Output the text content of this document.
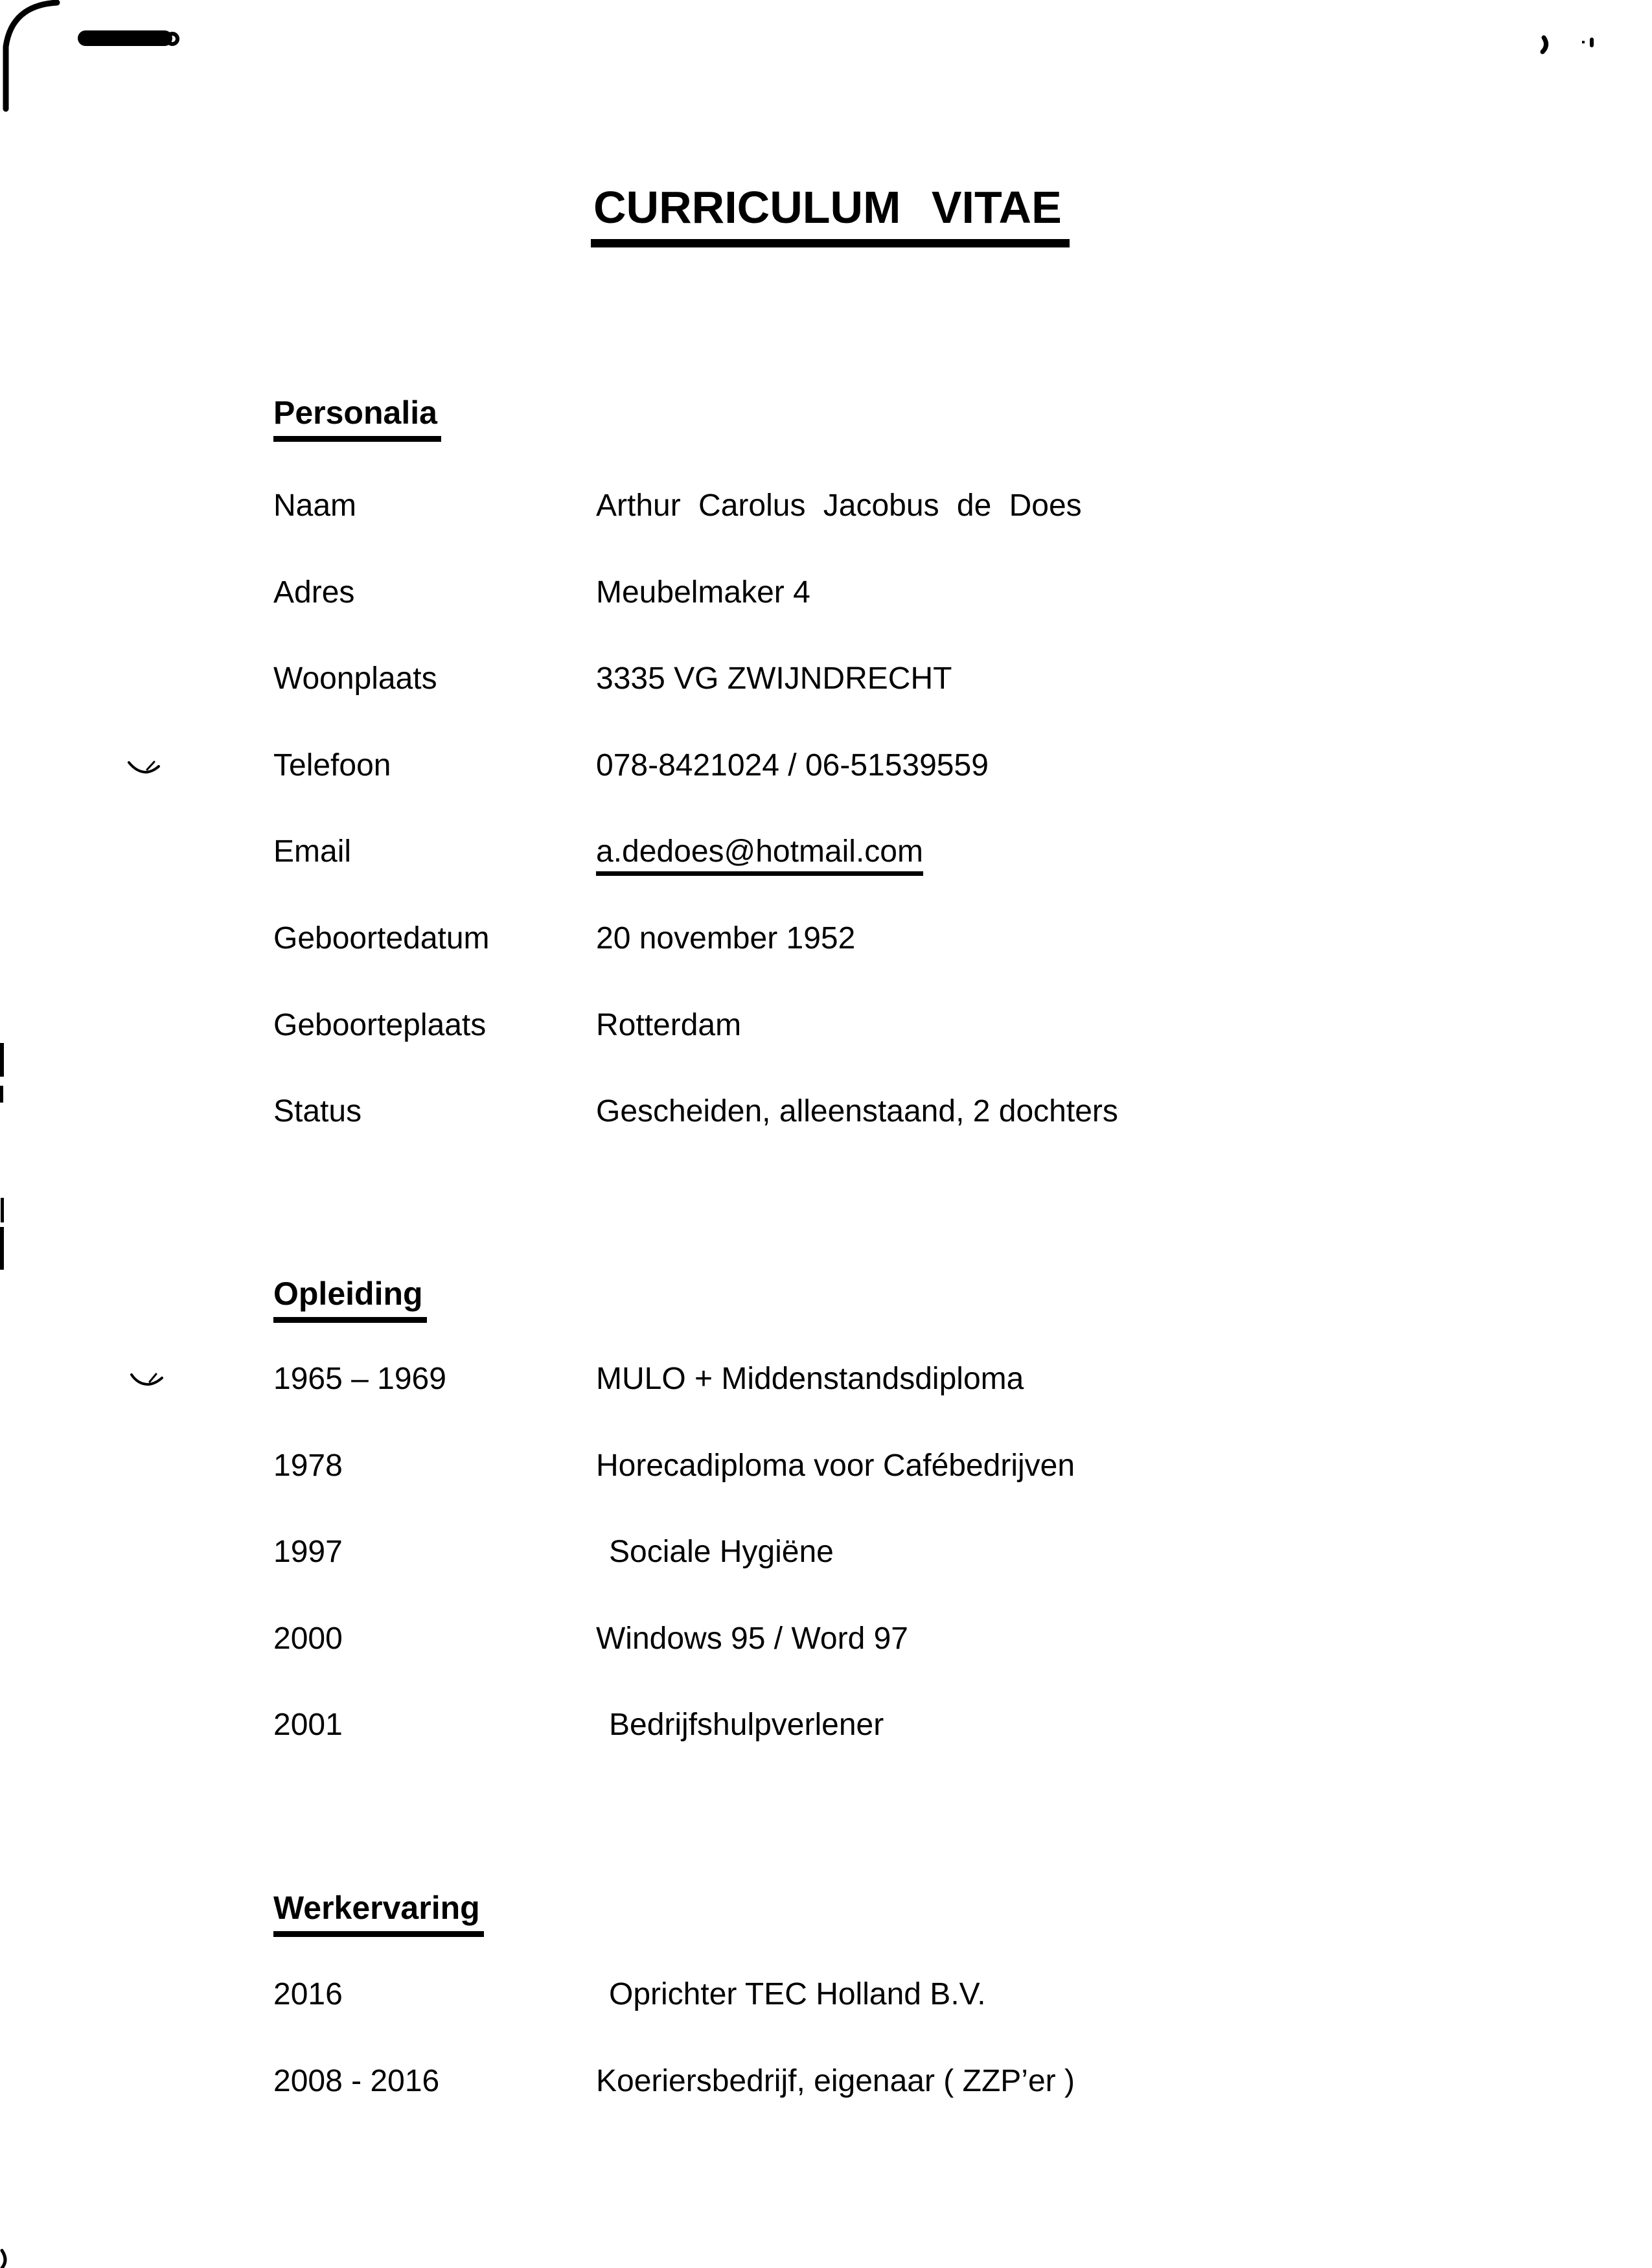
CURRICULUM VITAE
Personalia
Naam	Arthur Carolus Jacobus de Does
Adres	Meubelmaker 4
Woonplaats	3335 VG ZWIJNDRECHT
Telefoon	078-8421024 / 06-51539559
Email	a.dedoes@hotmail.com
Geboortedatum	20 november 1952
Geboorteplaats	Rotterdam
Status	Gescheiden, alleenstaand, 2 dochters
Opleiding
1965 – 1969	MULO + Middenstandsdiploma
1978	Horecadiploma voor Cafébedrijven
1997	Sociale Hygiëne
2000	Windows 95 / Word 97
2001	Bedrijfshulpverlener
Werkervaring
2016	Oprichter TEC Holland B.V.
2008 - 2016	Koeriersbedrijf, eigenaar ( ZZP’er )
